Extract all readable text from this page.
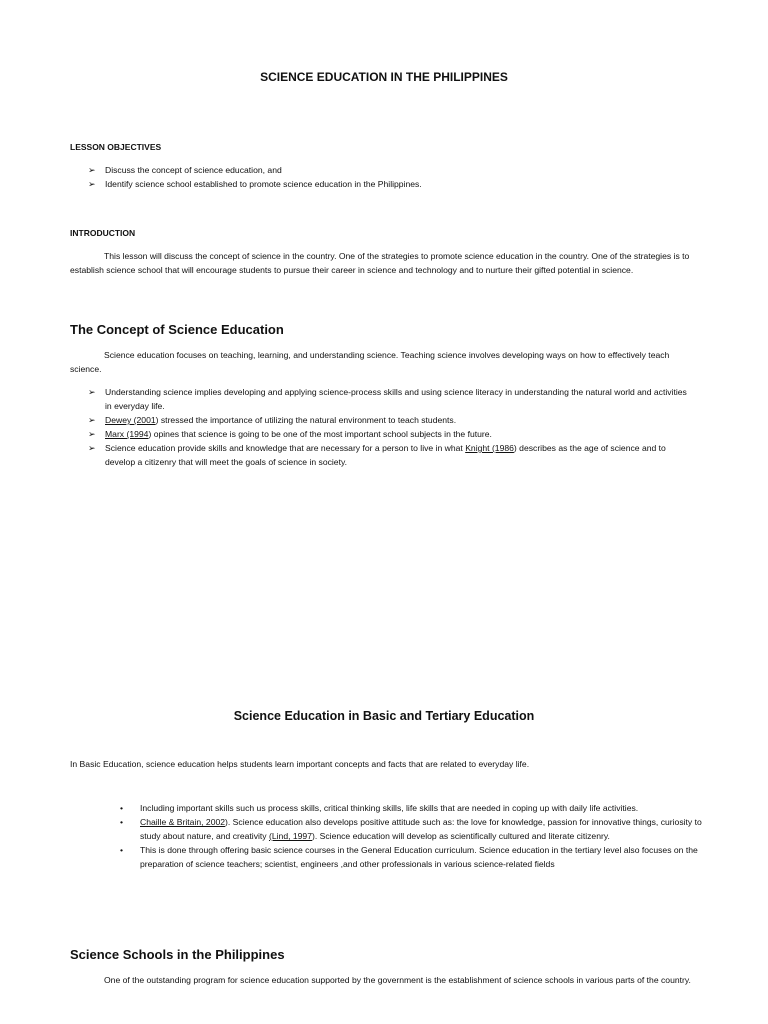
SCIENCE EDUCATION IN THE PHILIPPINES
LESSON OBJECTIVES
➢ Discuss the concept of science education, and
➢ Identify science school established to promote science education in the Philippines.
INTRODUCTION
This lesson will discuss the concept of science in the country. One of the strategies to promote science education in the country. One of the strategies is to establish science school that will encourage students to pursue their career in science and technology and to nurture their gifted potential in science.
The Concept of Science Education
Science education focuses on teaching, learning, and understanding science. Teaching science involves developing ways on how to effectively teach science.
➢ Understanding science implies developing and applying science-process skills and using science literacy in understanding the natural world and activities in everyday life.
➢ Dewey (2001) stressed the importance of utilizing the natural environment to teach students.
➢ Marx (1994) opines that science is going to be one of the most important school subjects in the future.
➢ Science education provide skills and knowledge that are necessary for a person to live in what Knight (1986) describes as the age of science and to develop a citizenry that will meet the goals of science in society.
Science Education in Basic and Tertiary Education
In Basic Education, science education helps students learn important concepts and facts that are related to everyday life.
• Including important skills such us process skills, critical thinking skills, life skills that are needed in coping up with daily life activities.
• Chaille & Britain, 2002). Science education also develops positive attitude such as: the love for knowledge, passion for innovative things, curiosity to study about nature, and creativity (Lind, 1997). Science education will develop as scientifically cultured and literate citizenry.
• This is done through offering basic science courses in the General Education curriculum. Science education in the tertiary level also focuses on the preparation of science teachers; scientist, engineers ,and other professionals in various science-related fields
Science Schools in the Philippines
One of the outstanding program for science education supported by the government is the establishment of science schools in various parts of the country.
